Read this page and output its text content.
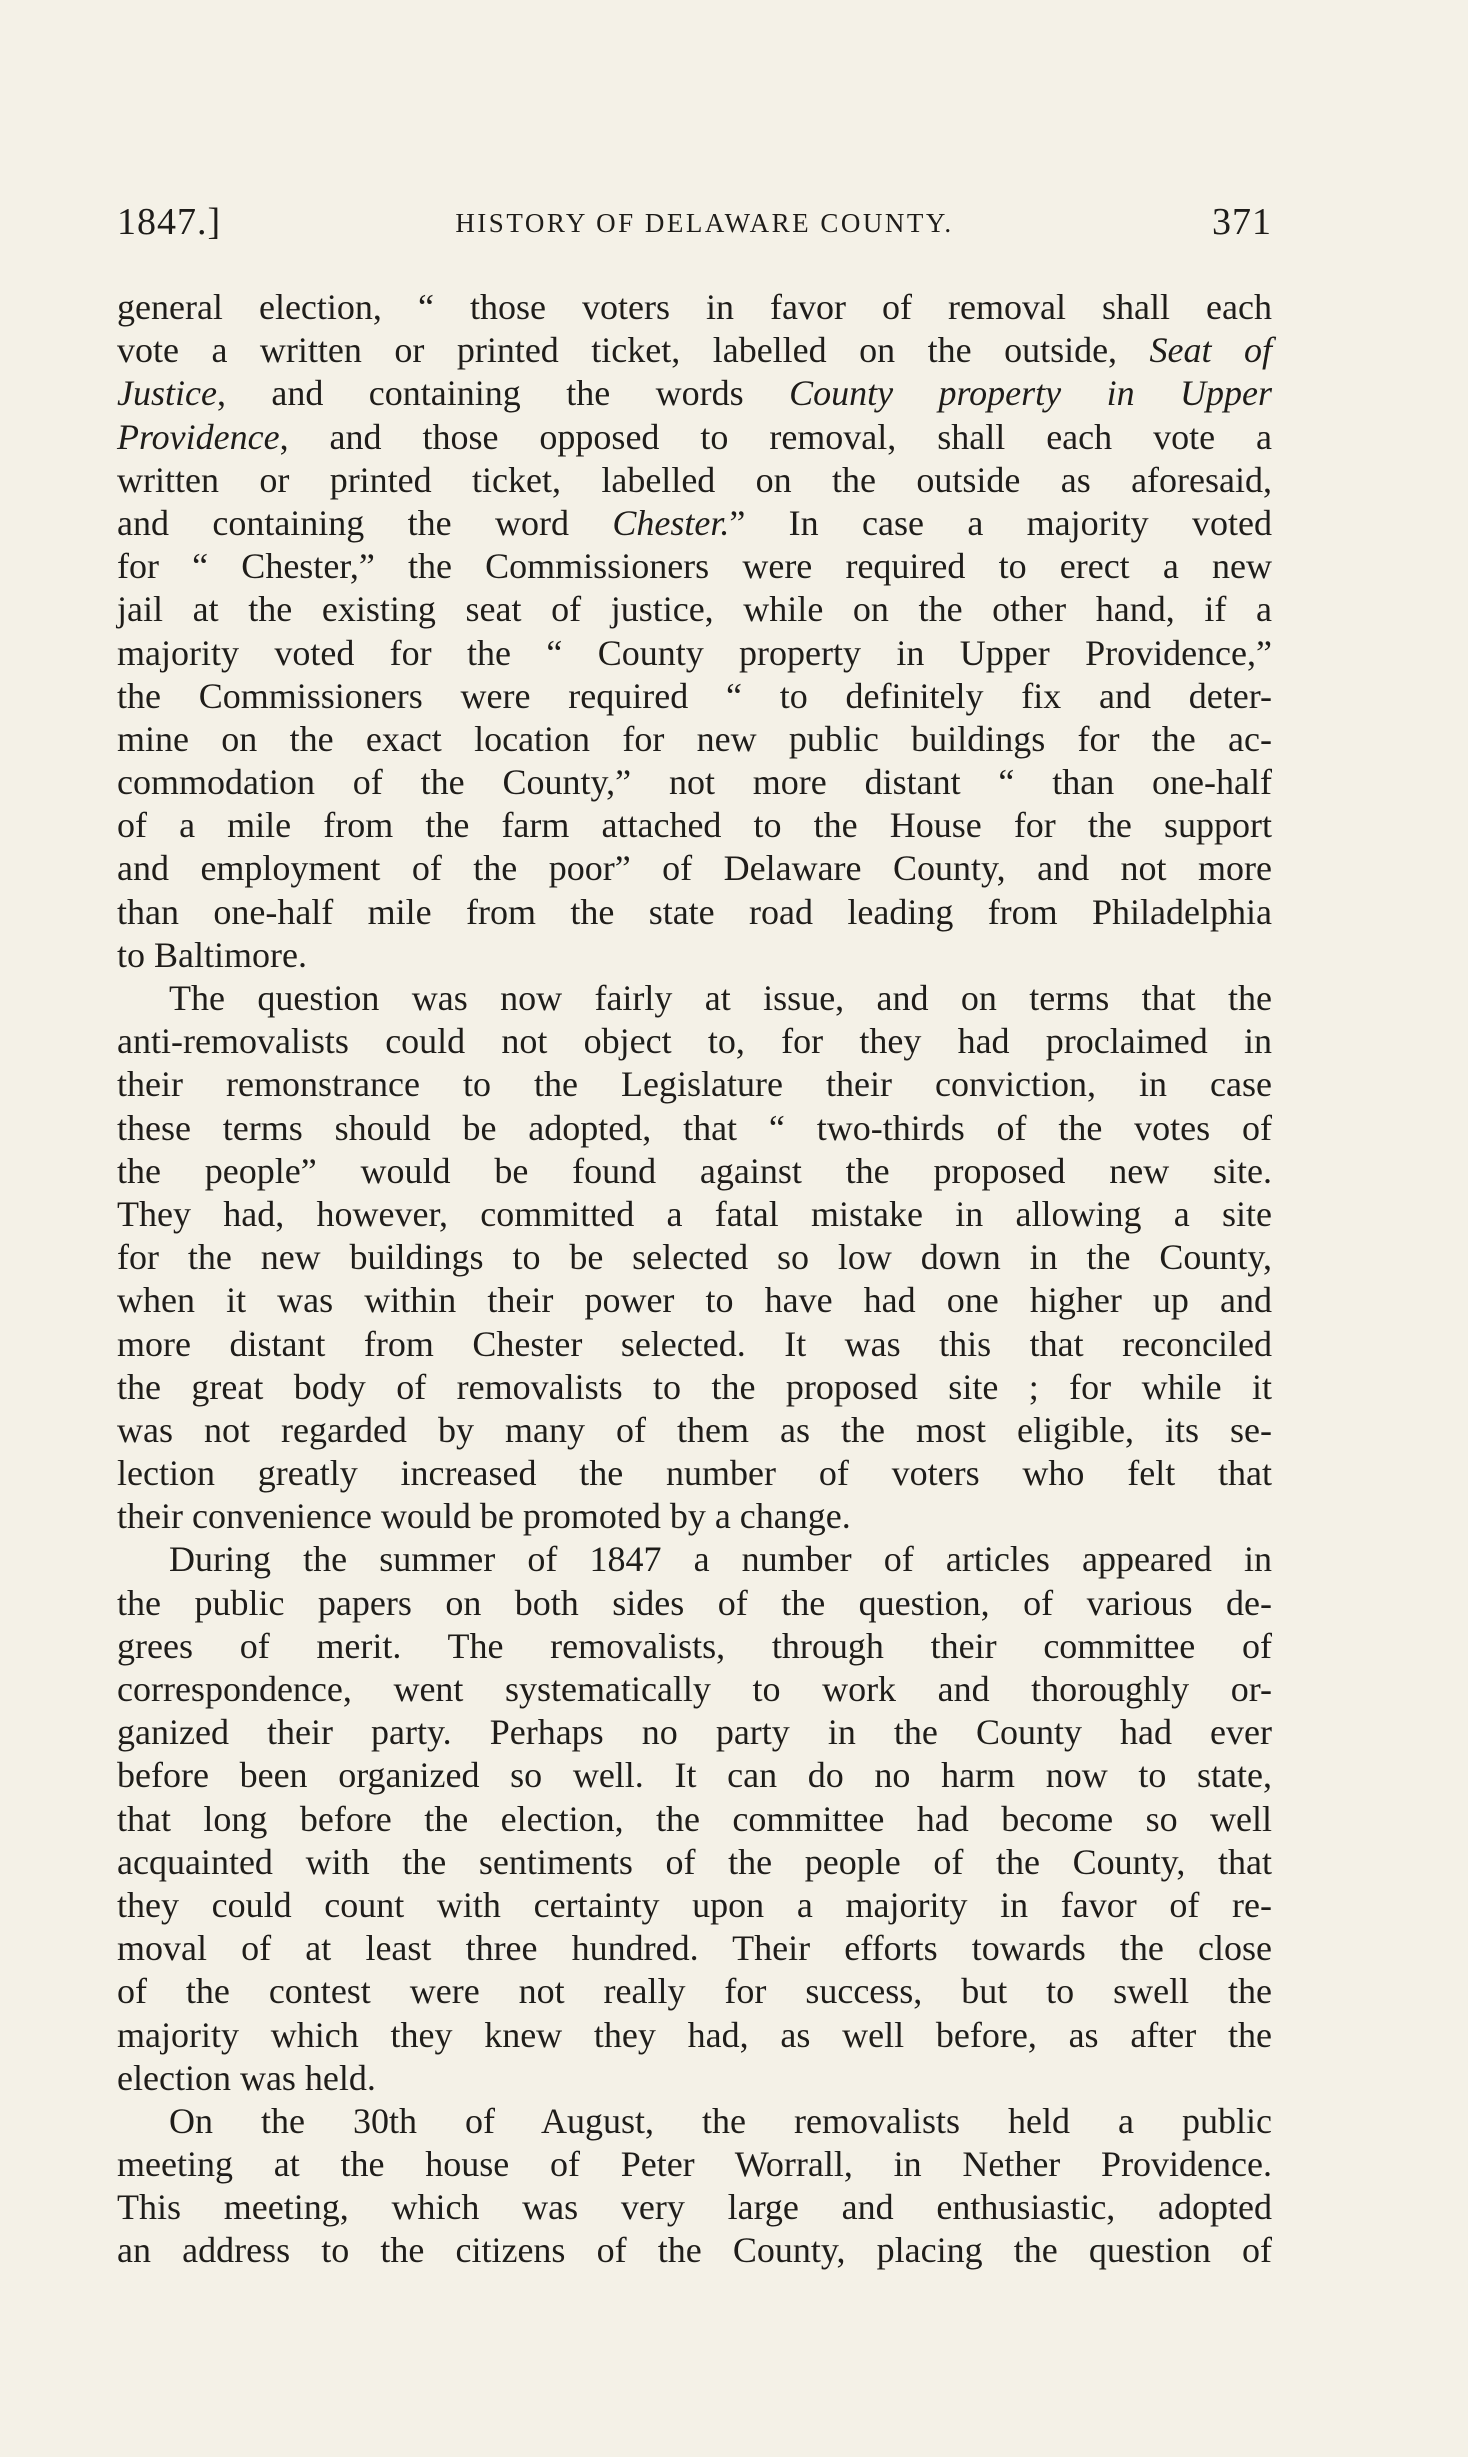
1847.]	HISTORY OF DELAWARE COUNTY.	371
general election, “ those voters in favor of removal shall each
vote a written or printed ticket, labelled on the outside, Seat of
Justice, and containing the words County property in Upper
Providence, and those opposed to removal, shall each vote a
written or printed ticket, labelled on the outside as aforesaid,
and containing the word Chester.” In case a majority voted
for “ Chester,” the Commissioners were required to erect a new
jail at the existing seat of justice, while on the other hand, if a
majority voted for the “ County property in Upper Providence,”
the Commissioners were required “ to definitely fix and deter-
mine on the exact location for new public buildings for the ac-
commodation of the County,” not more distant “ than one-half
of a mile from the farm attached to the House for the support
and employment of the poor” of Delaware County, and not more
than one-half mile from the state road leading from Philadelphia
to Baltimore.
The question was now fairly at issue, and on terms that the
anti-removalists could not object to, for they had proclaimed in
their remonstrance to the Legislature their conviction, in case
these terms should be adopted, that “ two-thirds of the votes of
the people” would be found against the proposed new site.
They had, however, committed a fatal mistake in allowing a site
for the new buildings to be selected so low down in the County,
when it was within their power to have had one higher up and
more distant from Chester selected. It was this that reconciled
the great body of removalists to the proposed site ; for while it
was not regarded by many of them as the most eligible, its se-
lection greatly increased the number of voters who felt that
their convenience would be promoted by a change.
During the summer of 1847 a number of articles appeared in
the public papers on both sides of the question, of various de-
grees of merit. The removalists, through their committee of
correspondence, went systematically to work and thoroughly or-
ganized their party. Perhaps no party in the County had ever
before been organized so well. It can do no harm now to state,
that long before the election, the committee had become so well
acquainted with the sentiments of the people of the County, that
they could count with certainty upon a majority in favor of re-
moval of at least three hundred. Their efforts towards the close
of the contest were not really for success, but to swell the
majority which they knew they had, as well before, as after the
election was held.
On the 30th of August, the removalists held a public
meeting at the house of Peter Worrall, in Nether Providence.
This meeting, which was very large and enthusiastic, adopted
an address to the citizens of the County, placing the question of
